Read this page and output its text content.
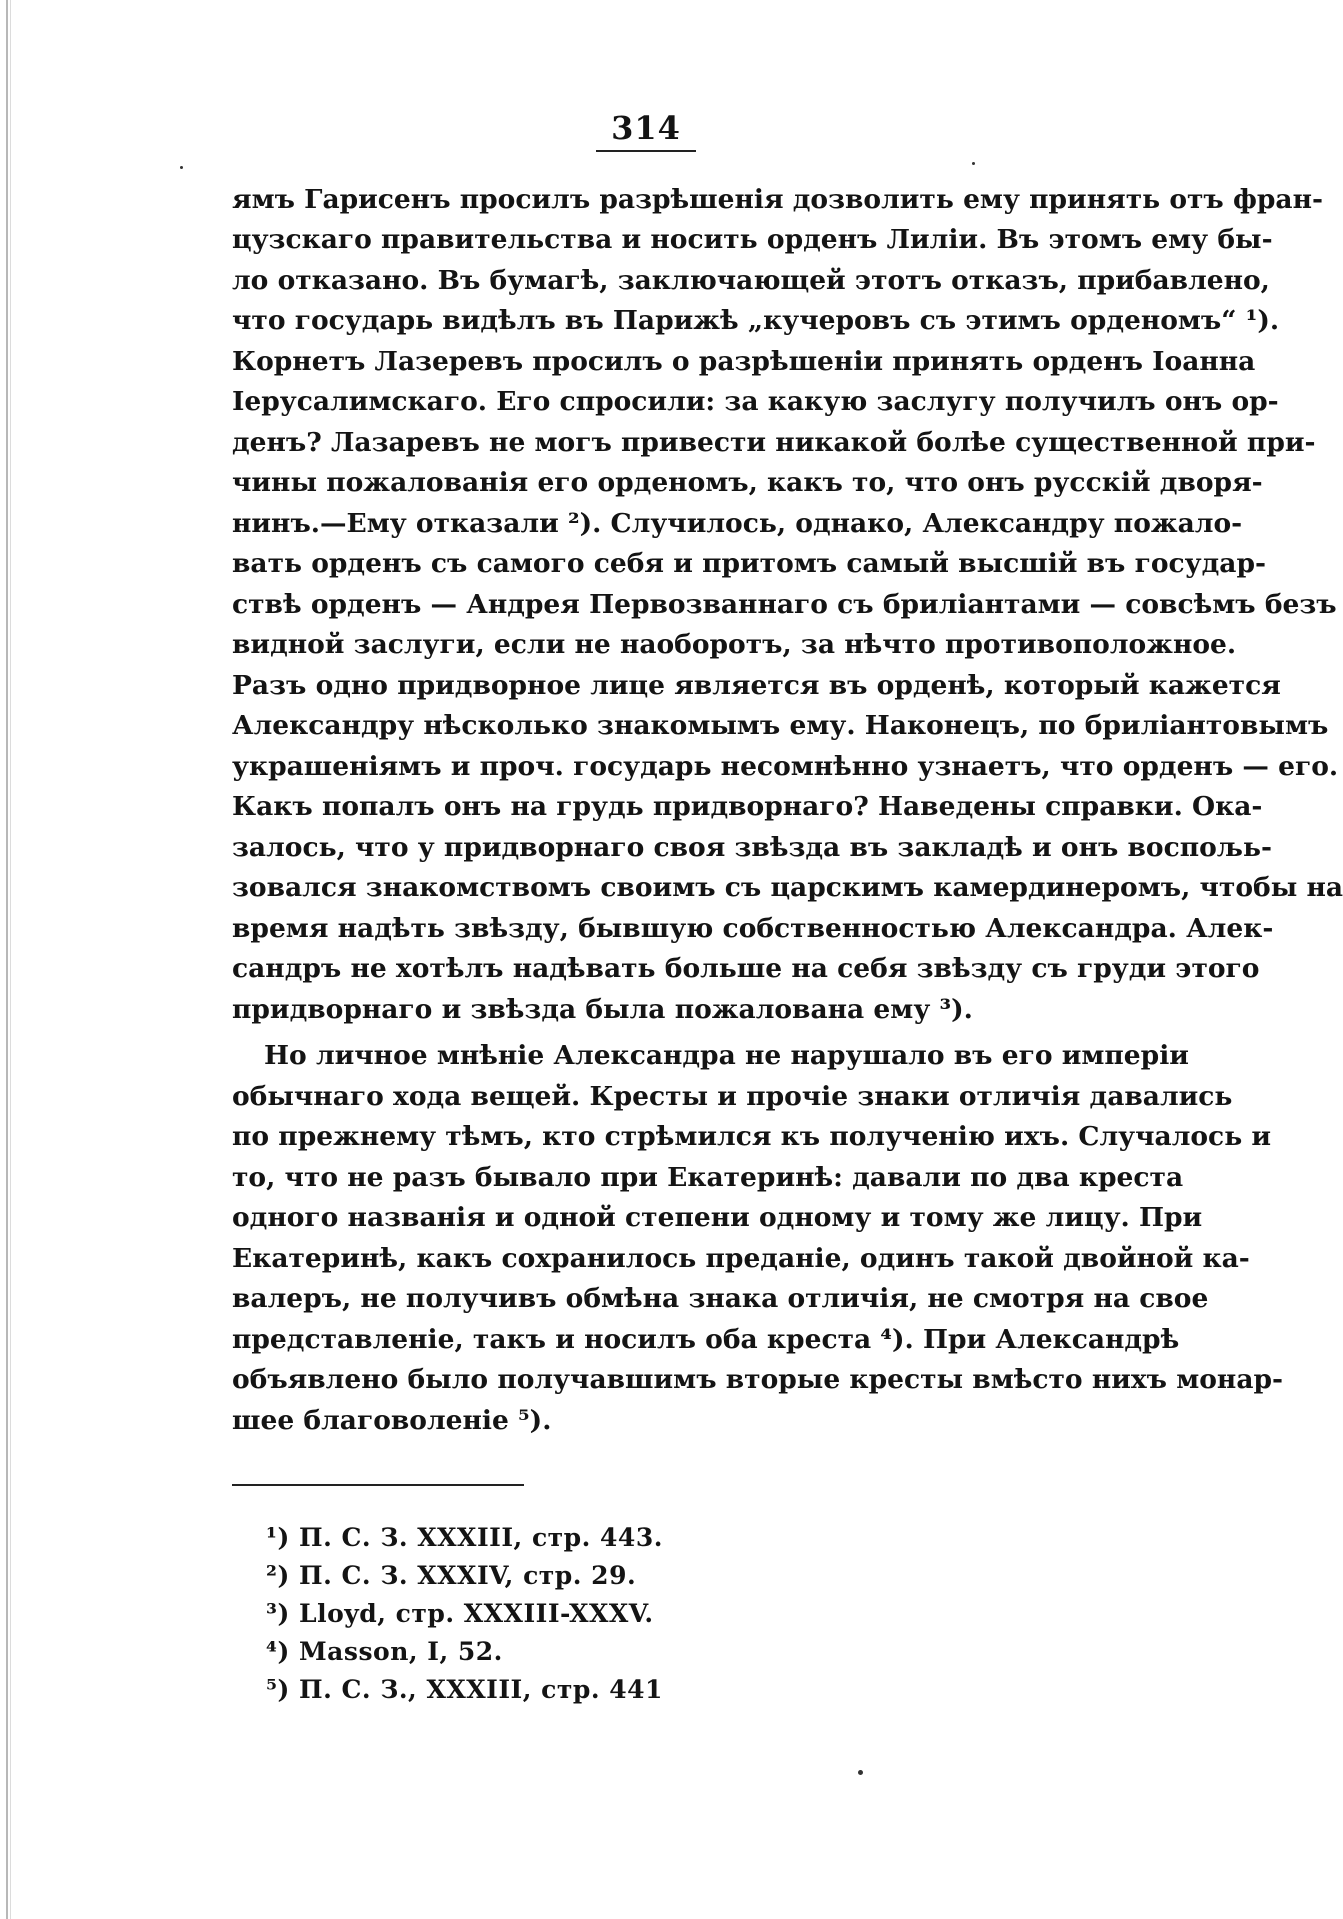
314
ямъ Гарисенъ просилъ разрѣшенія дозволить ему принять отъ фран-
цузскаго правительства и носить орденъ Лиліи. Въ этомъ ему бы-
ло отказано. Въ бумагѣ, заключающей этотъ отказъ, прибавлено,
что государь видѣлъ въ Парижѣ „кучеровъ съ этимъ орденомъ“ ¹).
Корнетъ Лазеревъ просилъ о разрѣшеніи принять орденъ Іоанна
Іерусалимскаго. Его спросили: за какую заслугу получилъ онъ ор-
денъ? Лазаревъ не могъ привести никакой болѣе существенной при-
чины пожалованія его орденомъ, какъ то, что онъ русскій дворя-
нинъ.—Ему отказали ²). Случилось, однако, Александру пожало-
вать орденъ съ самого себя и притомъ самый высшій въ государ-
ствѣ орденъ — Андрея Первозваннаго съ бриліантами — совсѣмъ безъ
видной заслуги, если не наоборотъ, за нѣчто противоположное.
Разъ одно придворное лице является въ орденѣ, который кажется
Александру нѣсколько знакомымъ ему. Наконецъ, по бриліантовымъ
украшеніямъ и проч. государь несомнѣнно узнаетъ, что орденъ — его.
Какъ попалъ онъ на грудь придворнаго? Наведены справки. Ока-
залось, что у придворнаго своя звѣзда въ закладѣ и онъ воспољь-
зовался знакомствомъ своимъ съ царскимъ камердинеромъ, чтобы на
время надѣть звѣзду, бывшую собственностью Александра. Алек-
сандръ не хотѣлъ надѣвать больше на себя звѣзду съ груди этого
придворнаго и звѣзда была пожалована ему ³).
Но личное мнѣніе Александра не нарушало въ его имперіи
обычнаго хода вещей. Кресты и прочіе знаки отличія давались
по прежнему тѣмъ, кто стрѣмился къ полученію ихъ. Случалось и
то, что не разъ бывало при Екатеринѣ: давали по два креста
одного названія и одной степени одному и тому же лицу. При
Екатеринѣ, какъ сохранилось преданіе, одинъ такой двойной ка-
валеръ, не получивъ обмѣна знака отличія, не смотря на свое
представленіе, такъ и носилъ оба креста ⁴). При Александрѣ
объявлено было получавшимъ вторые кресты вмѣсто нихъ монар-
шее благоволеніе ⁵).
¹) П. С. З. XXXIII, стр. 443.
²) П. С. З. XXXIV, стр. 29.
³) Lloyd, стр. XXXIII-XXXV.
⁴) Masson, I, 52.
⁵) П. С. З., XXXIII, стр. 441
